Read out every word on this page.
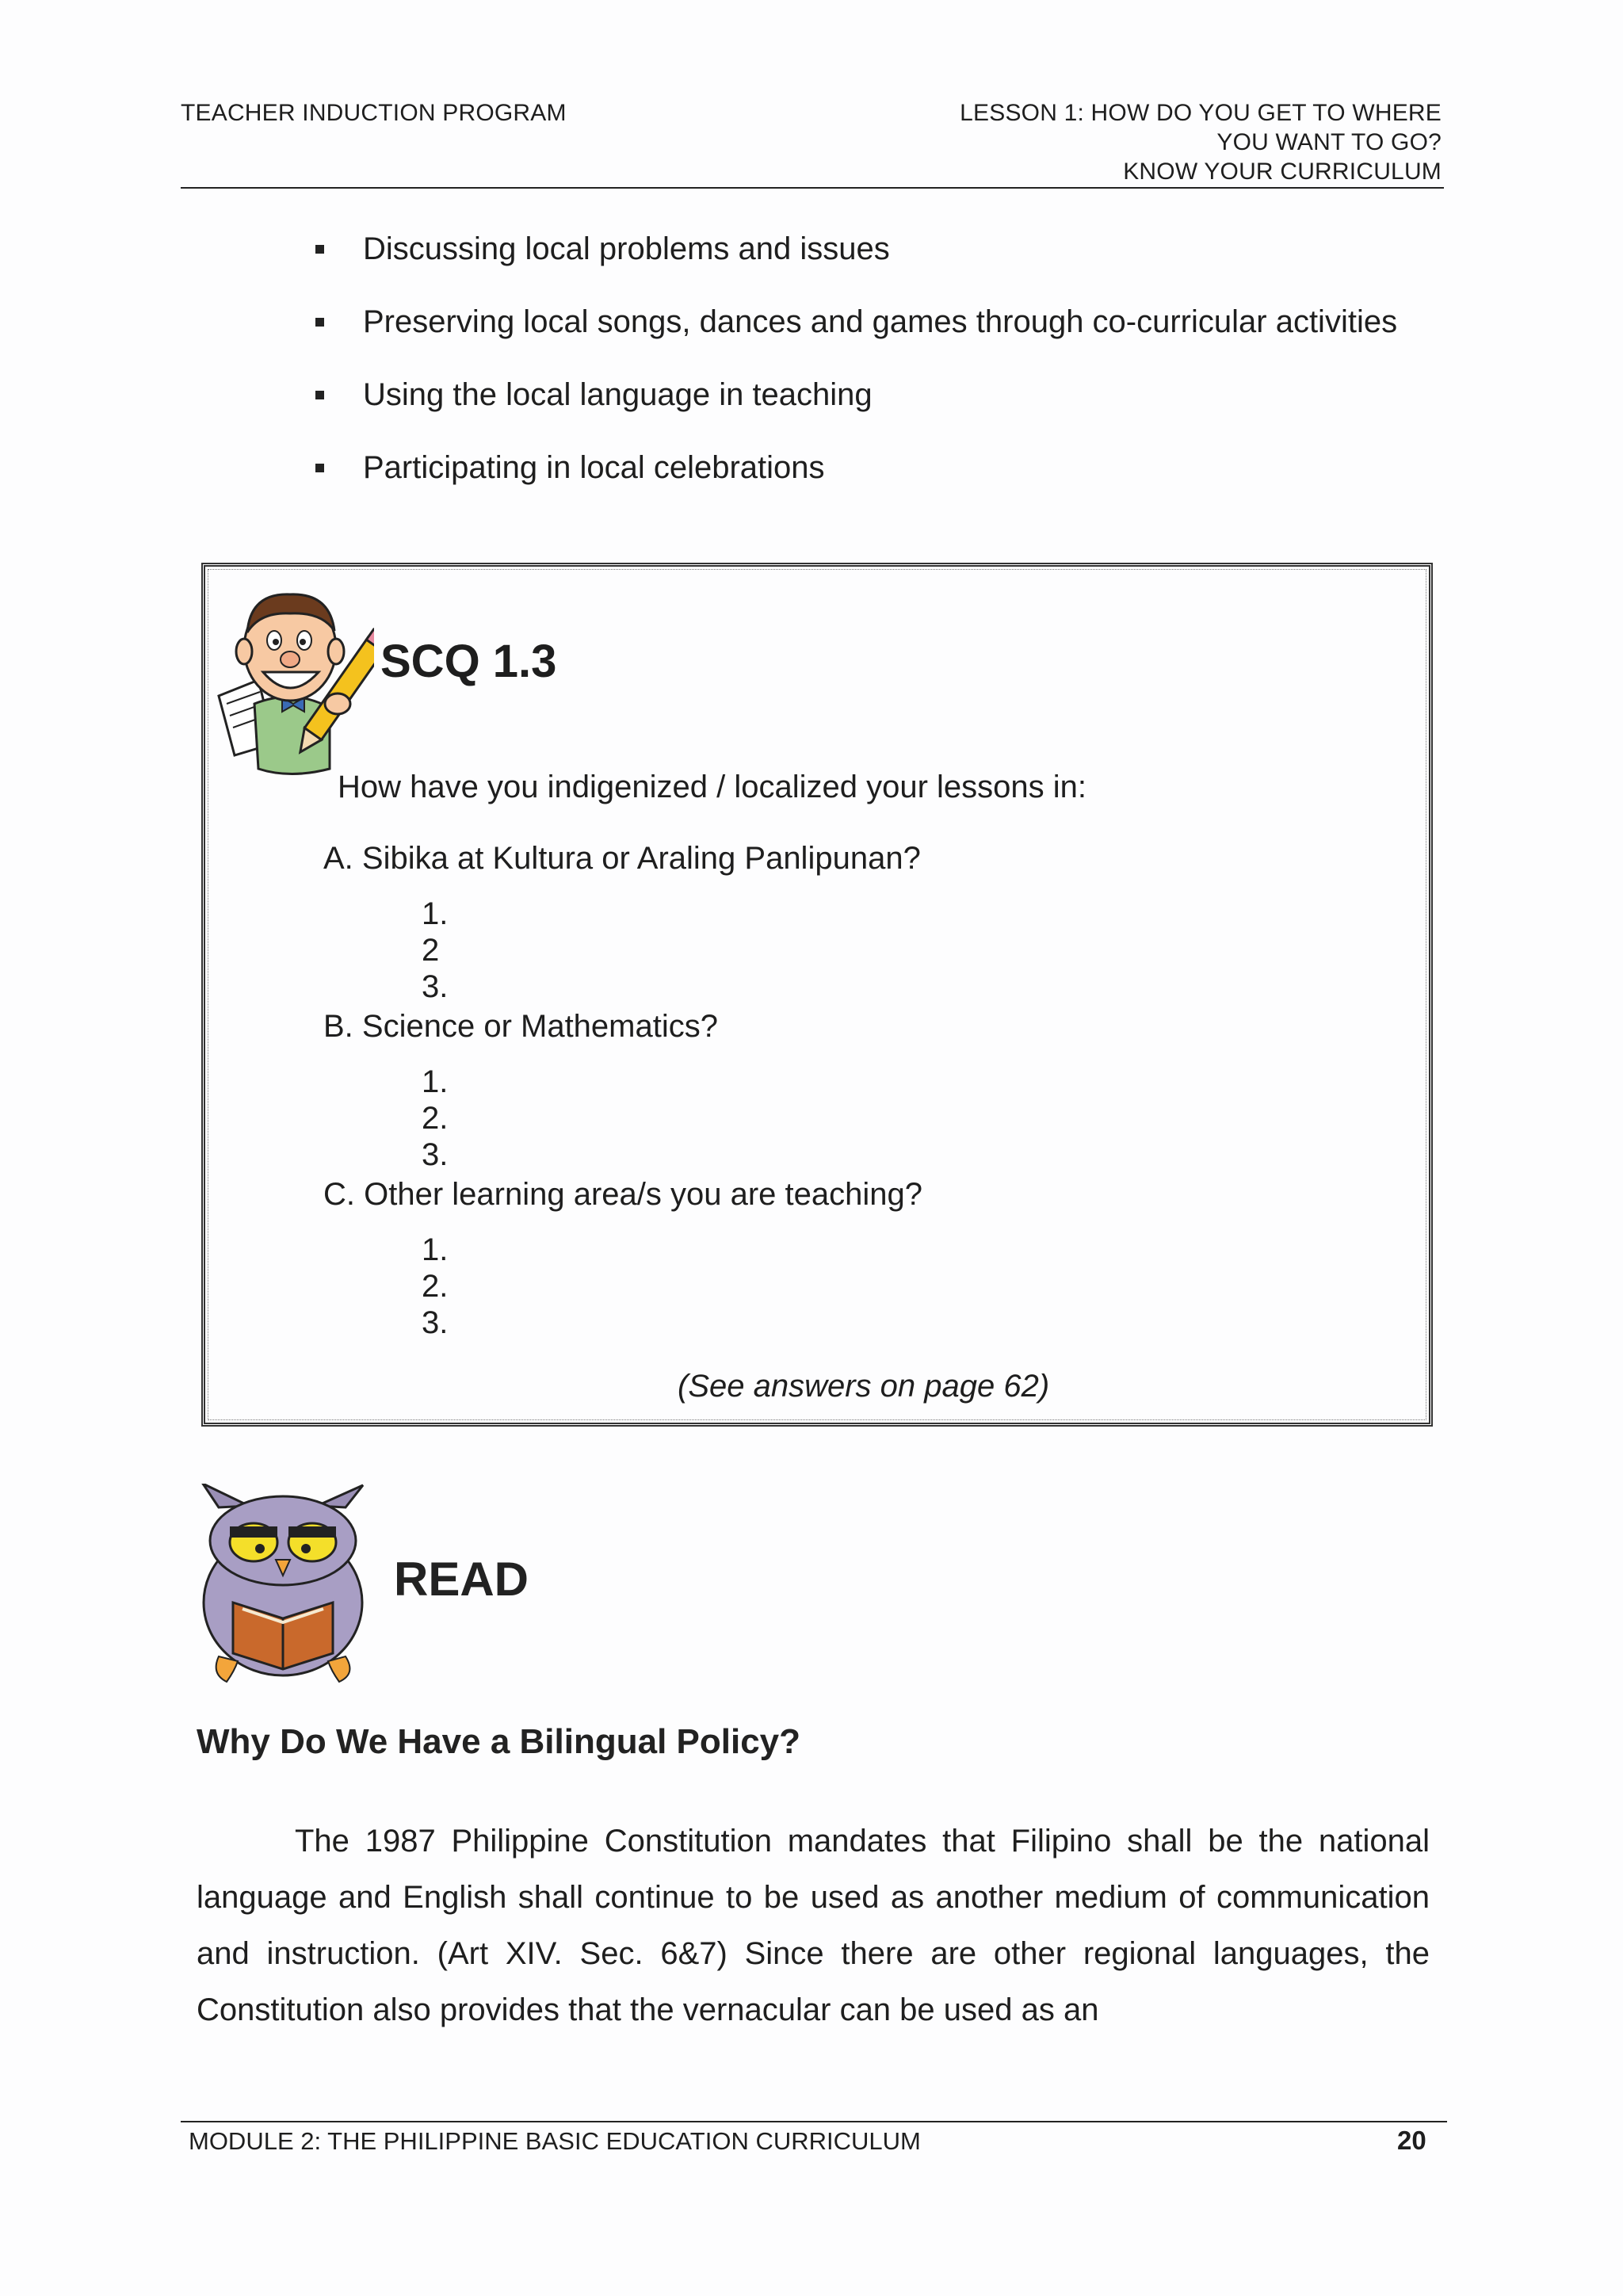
TEACHER INDUCTION PROGRAM	LESSON 1: HOW DO YOU GET TO WHERE
YOU WANT TO GO?
KNOW YOUR CURRICULUM
Discussing local problems and issues
Preserving local songs, dances and games through co-curricular activities
Using the local language in teaching
Participating in local celebrations
SCQ 1.3
How have you indigenized / localized your lessons in:
A. Sibika at Kultura or Araling Panlipunan?
1.
2
3.
B. Science or Mathematics?
1.
2.
3.
C. Other learning area/s you are teaching?
1.
2.
3.
(See answers on page 62)
READ
Why Do We Have a Bilingual Policy?
The 1987 Philippine Constitution mandates that Filipino shall be the national language and English shall continue to be used as another medium of communication and instruction. (Art XIV. Sec. 6&7) Since there are other regional languages, the Constitution also provides that the vernacular can be used as an
MODULE 2: THE PHILIPPINE BASIC EDUCATION CURRICULUM	20
